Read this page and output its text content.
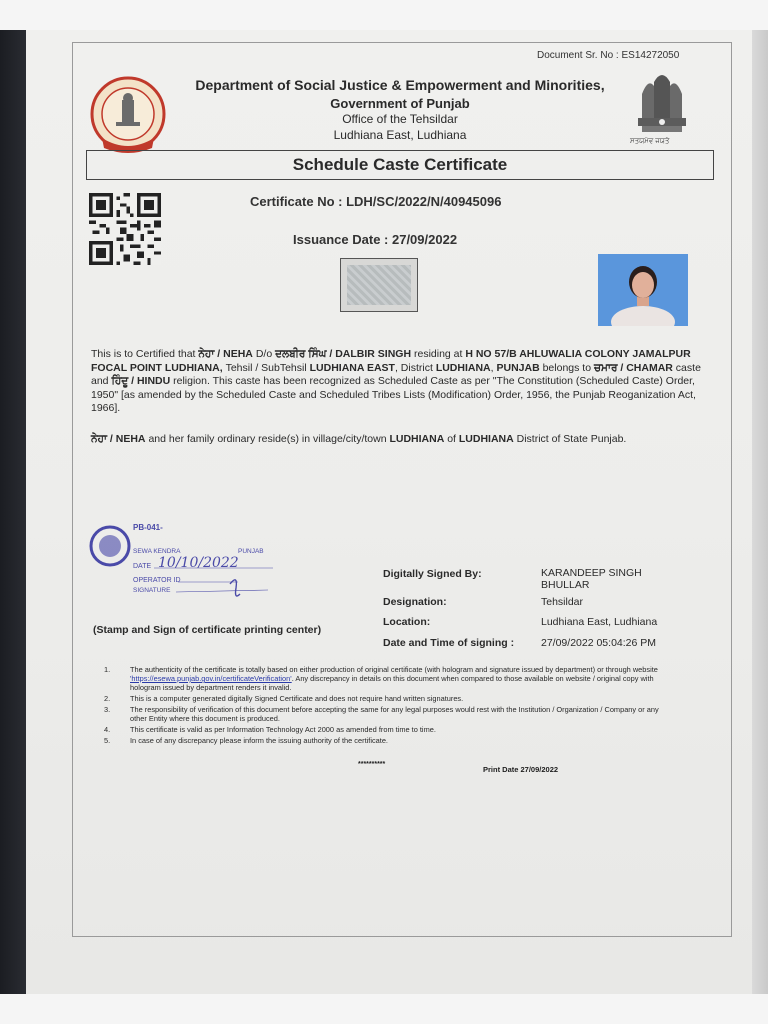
Document Sr. No : ES14272050
Department of Social Justice & Empowerment and Minorities,
Government of Punjab
Office of the Tehsildar
Ludhiana East, Ludhiana	ਸਤਯਮੇਵ ਜਯਤੇ
Schedule Caste Certificate
Certificate No : LDH/SC/2022/N/40945096
Issuance Date : 27/09/2022
This is to Certified that ਨੇਹਾ / NEHA D/o ਦਲਬੀਰ ਸਿੰਘ / DALBIR SINGH residing at H NO 57/B AHLUWALIA COLONY JAMALPUR FOCAL POINT LUDHIANA, Tehsil / SubTehsil LUDHIANA EAST, District LUDHIANA, PUNJAB belongs to ਚਮਾਰ / CHAMAR caste and ਹਿੰਦੂ / HINDU religion. This caste has been recognized as Scheduled Caste as per "The Constitution (Scheduled Caste) Order, 1950" [as amended by the Scheduled Caste and Scheduled Tribes Lists (Modification) Order, 1956, the Punjab Reoganization Act, 1966].
ਨੇਹਾ / NEHA and her family ordinary reside(s) in village/city/town LUDHIANA of LUDHIANA District of State Punjab.
PB-041-
SEWA KENDRA	PUNJAB
DATE 10/10/2022
OPERATOR ID
SIGNATURE
(Stamp and Sign of certificate printing center)
Digitally Signed By:	KARANDEEP SINGH
BHULLAR
Designation:	Tehsildar
Location:	Ludhiana East, Ludhiana
Date and Time of signing :	27/09/2022 05:04:26 PM
1.	The authenticity of the certificate is totally based on either production of original certificate (with hologram and signature issued by department) or through website 'https://esewa.punjab.gov.in/certificateVerification'. Any discrepancy in details on this document when compared to those available on website / original copy with hologram issued by department renders it invalid.
2.	This is a computer generated digitally Signed Certificate and does not require hand written signatures.
3.	The responsibility of verification of this document before accepting the same for any legal purposes would rest with the Institution / Organization / Company or any other Entity where this document is produced.
4.	This certificate is valid as per Information Technology Act 2000 as amended from time to time.
5.	In case of any discrepancy please inform the issuing authority of the certificate.
**********
Print Date 27/09/2022
